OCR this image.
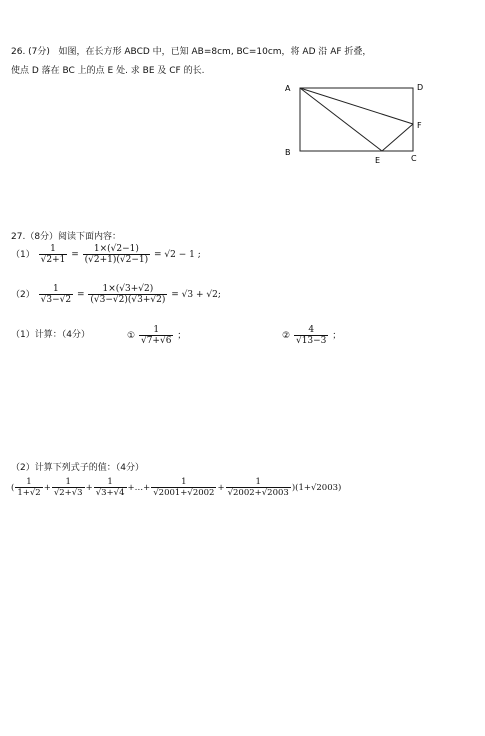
26. (7分) 如图，在长方形 ABCD 中，已知 AB=8cm, BC=10cm，将 AD 沿 AF 折叠，
使点 D 落在 BC 上的点 E 处. 求 BE 及 CF 的长.
A	D
F
B
E	C
27.（8分）阅读下面内容：
$(1) \frac{1}{√2+1} = \frac{1\times(√2-1)}{(√2+1)(√2-1)} = √2 - 1$ ;
$(2) \frac{1}{√3-√2} = \frac{1\times(√3+√2)}{(√3-√2)(√3+√2)} = √3 + √2$;
（1）计算：（4分）	① $\frac{1}{√7+√6}$ ；	② $\frac{4}{√13-3}$ ；
（2）计算下列式子的值：（4分）
( $\frac{1}{1+√2} + \frac{1}{√2+√3} + \frac{1}{√3+√4}$ +…+ $\frac{1}{√2001+√2002} + \frac{1}{√2002+√2003} )(1+√2003)$
